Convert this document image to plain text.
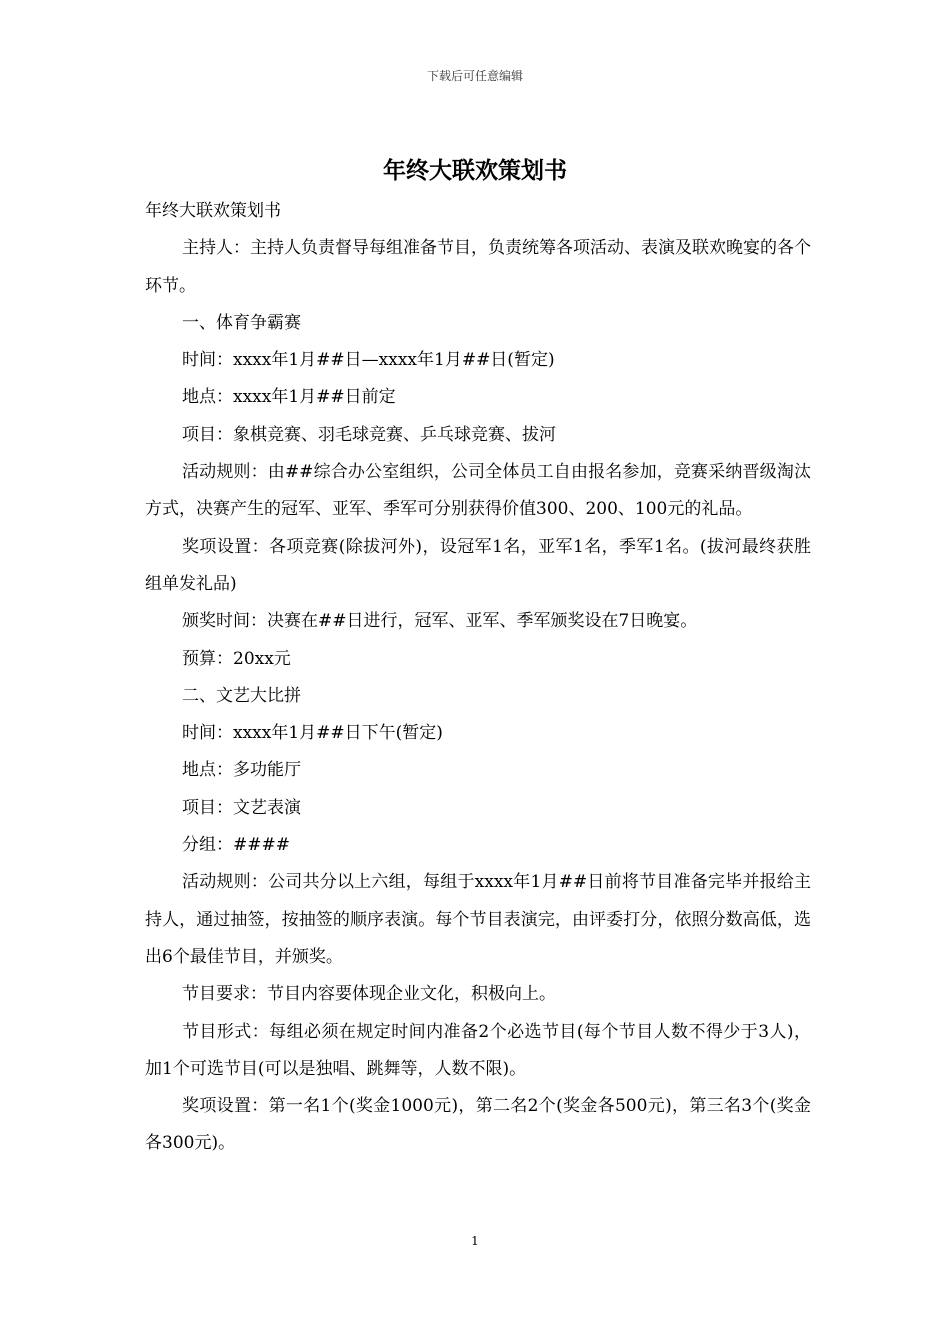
下载后可任意编辑
年终大联欢策划书

年终大联欢策划书

主持人：主持人负责督导每组准备节目，负责统筹各项活动、表演及联欢晚宴的各个环节。

一、体育争霸赛

时间：xxxx年1月##日—xxxx年1月##日(暂定)

地点：xxxx年1月##日前定

项目：象棋竞赛、羽毛球竞赛、乒乓球竞赛、拔河

活动规则：由##综合办公室组织，公司全体员工自由报名参加，竞赛采纳晋级淘汰方式，决赛产生的冠军、亚军、季军可分别获得价值300、200、100元的礼品。

奖项设置：各项竞赛(除拔河外)，设冠军1名，亚军1名，季军1名。(拔河最终获胜组单发礼品)

颁奖时间：决赛在##日进行，冠军、亚军、季军颁奖设在7日晚宴。

预算：20xx元

二、文艺大比拼

时间：xxxx年1月##日下午(暂定)

地点：多功能厅

项目：文艺表演

分组：####

活动规则：公司共分以上六组，每组于xxxx年1月##日前将节目准备完毕并报给主持人，通过抽签，按抽签的顺序表演。每个节目表演完，由评委打分，依照分数高低，选出6个最佳节目，并颁奖。

节目要求：节目内容要体现企业文化，积极向上。

节目形式：每组必须在规定时间内准备2个必选节目(每个节目人数不得少于3人)，加1个可选节目(可以是独唱、跳舞等，人数不限)。

奖项设置：第一名1个(奖金1000元)，第二名2个(奖金各500元)，第三名3个(奖金各300元)。

1
